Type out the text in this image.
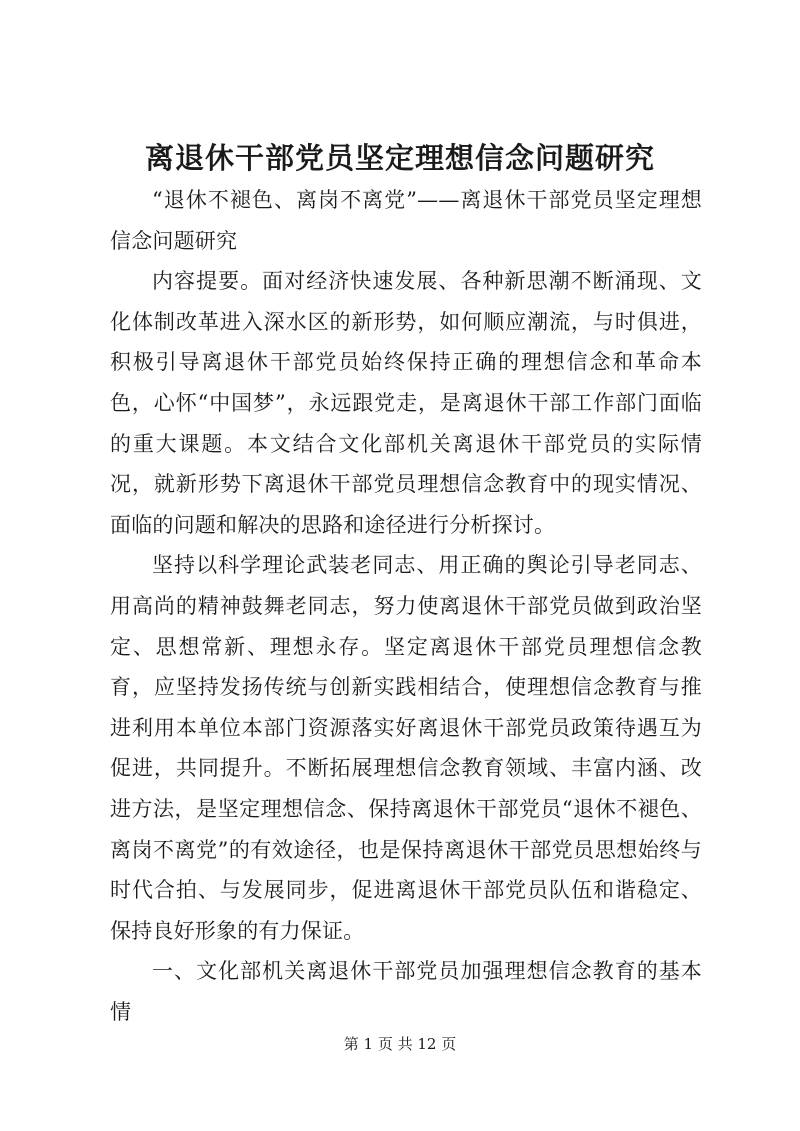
离退休干部党员坚定理想信念问题研究

“退休不褪色、离岗不离党”——离退休干部党员坚定理想信念问题研究

内容提要。面对经济快速发展、各种新思潮不断涌现、文化体制改革进入深水区的新形势，如何顺应潮流，与时俱进，积极引导离退休干部党员始终保持正确的理想信念和革命本色，心怀“中国梦”，永远跟党走，是离退休干部工作部门面临的重大课题。本文结合文化部机关离退休干部党员的实际情况，就新形势下离退休干部党员理想信念教育中的现实情况、面临的问题和解决的思路和途径进行分析探讨。

坚持以科学理论武装老同志、用正确的舆论引导老同志、用高尚的精神鼓舞老同志，努力使离退休干部党员做到政治坚定、思想常新、理想永存。坚定离退休干部党员理想信念教育，应坚持发扬传统与创新实践相结合，使理想信念教育与推进利用本单位本部门资源落实好离退休干部党员政策待遇互为促进，共同提升。不断拓展理想信念教育领域、丰富内涵、改进方法，是坚定理想信念、保持离退休干部党员“退休不褪色、离岗不离党”的有效途径，也是保持离退休干部党员思想始终与时代合拍、与发展同步，促进离退休干部党员队伍和谐稳定、保持良好形象的有力保证。

一、文化部机关离退休干部党员加强理想信念教育的基本情

第 1 页 共 12 页
